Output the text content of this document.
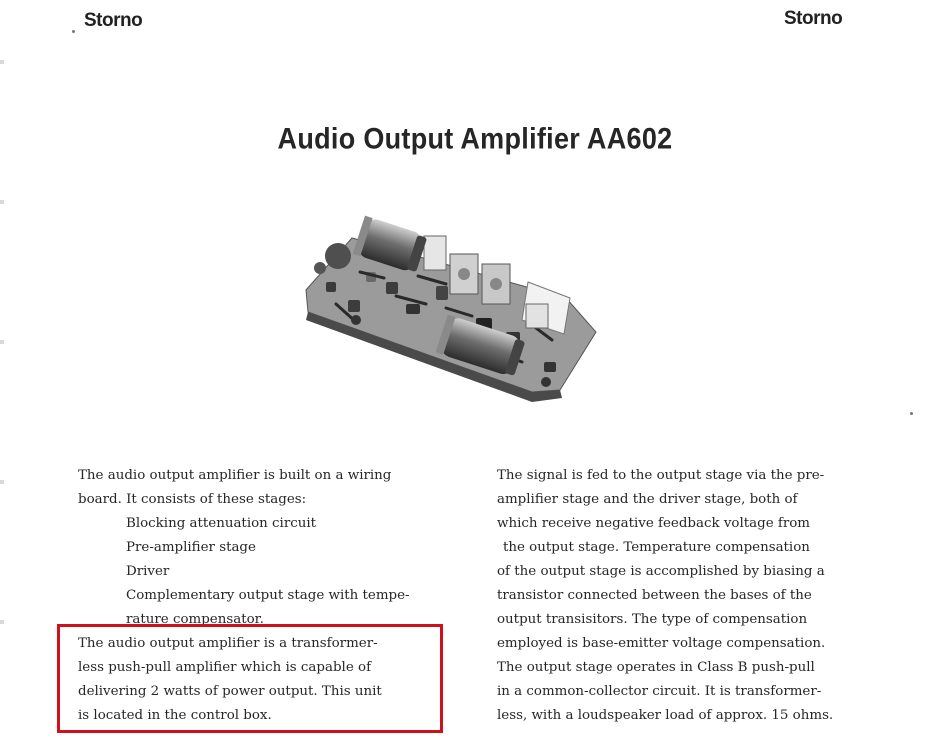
Storno	Storno
Audio Output Amplifier AA602
The audio output amplifier is built on a wiring
board. It consists of these stages:
Blocking attenuation circuit
Pre-amplifier stage
Driver
Complementary output stage with tempe-
rature compensator.
The audio output amplifier is a transformer-
less push-pull amplifier which is capable of
delivering 2 watts of power output. This unit
is located in the control box.
The signal is fed to the output stage via the pre-
amplifier stage and the driver stage, both of
which receive negative feedback voltage from
the output stage. Temperature compensation
of the output stage is accomplished by biasing a
transistor connected between the bases of the
output transisitors. The type of compensation
employed is base-emitter voltage compensation.
The output stage operates in Class B push-pull
in a common-collector circuit. It is transformer-
less, with a loudspeaker load of approx. 15 ohms.
